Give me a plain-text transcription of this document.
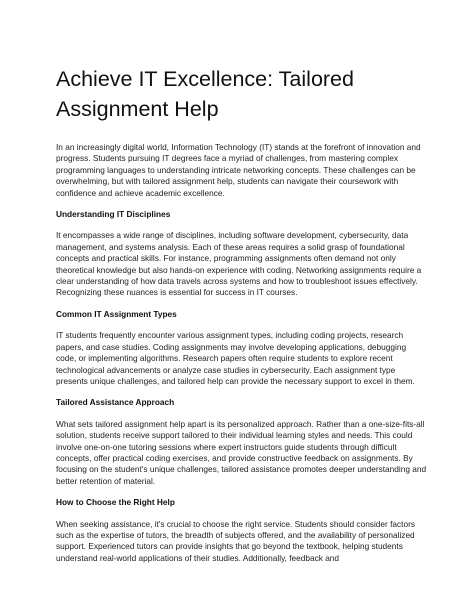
Achieve IT Excellence: Tailored Assignment Help

In an increasingly digital world, Information Technology (IT) stands at the forefront of innovation and progress. Students pursuing IT degrees face a myriad of challenges, from mastering complex programming languages to understanding intricate networking concepts. These challenges can be overwhelming, but with tailored assignment help, students can navigate their coursework with confidence and achieve academic excellence.

Understanding IT Disciplines

It encompasses a wide range of disciplines, including software development, cybersecurity, data management, and systems analysis. Each of these areas requires a solid grasp of foundational concepts and practical skills. For instance, programming assignments often demand not only theoretical knowledge but also hands-on experience with coding. Networking assignments require a clear understanding of how data travels across systems and how to troubleshoot issues effectively. Recognizing these nuances is essential for success in IT courses.

Common IT Assignment Types

IT students frequently encounter various assignment types, including coding projects, research papers, and case studies. Coding assignments may involve developing applications, debugging code, or implementing algorithms. Research papers often require students to explore recent technological advancements or analyze case studies in cybersecurity. Each assignment type presents unique challenges, and tailored help can provide the necessary support to excel in them.

Tailored Assistance Approach

What sets tailored assignment help apart is its personalized approach. Rather than a one-size-fits-all solution, students receive support tailored to their individual learning styles and needs. This could involve one-on-one tutoring sessions where expert instructors guide students through difficult concepts, offer practical coding exercises, and provide constructive feedback on assignments. By focusing on the student's unique challenges, tailored assistance promotes deeper understanding and better retention of material.

How to Choose the Right Help

When seeking assistance, it's crucial to choose the right service. Students should consider factors such as the expertise of tutors, the breadth of subjects offered, and the availability of personalized support. Experienced tutors can provide insights that go beyond the textbook, helping students understand real-world applications of their studies. Additionally, feedback and
